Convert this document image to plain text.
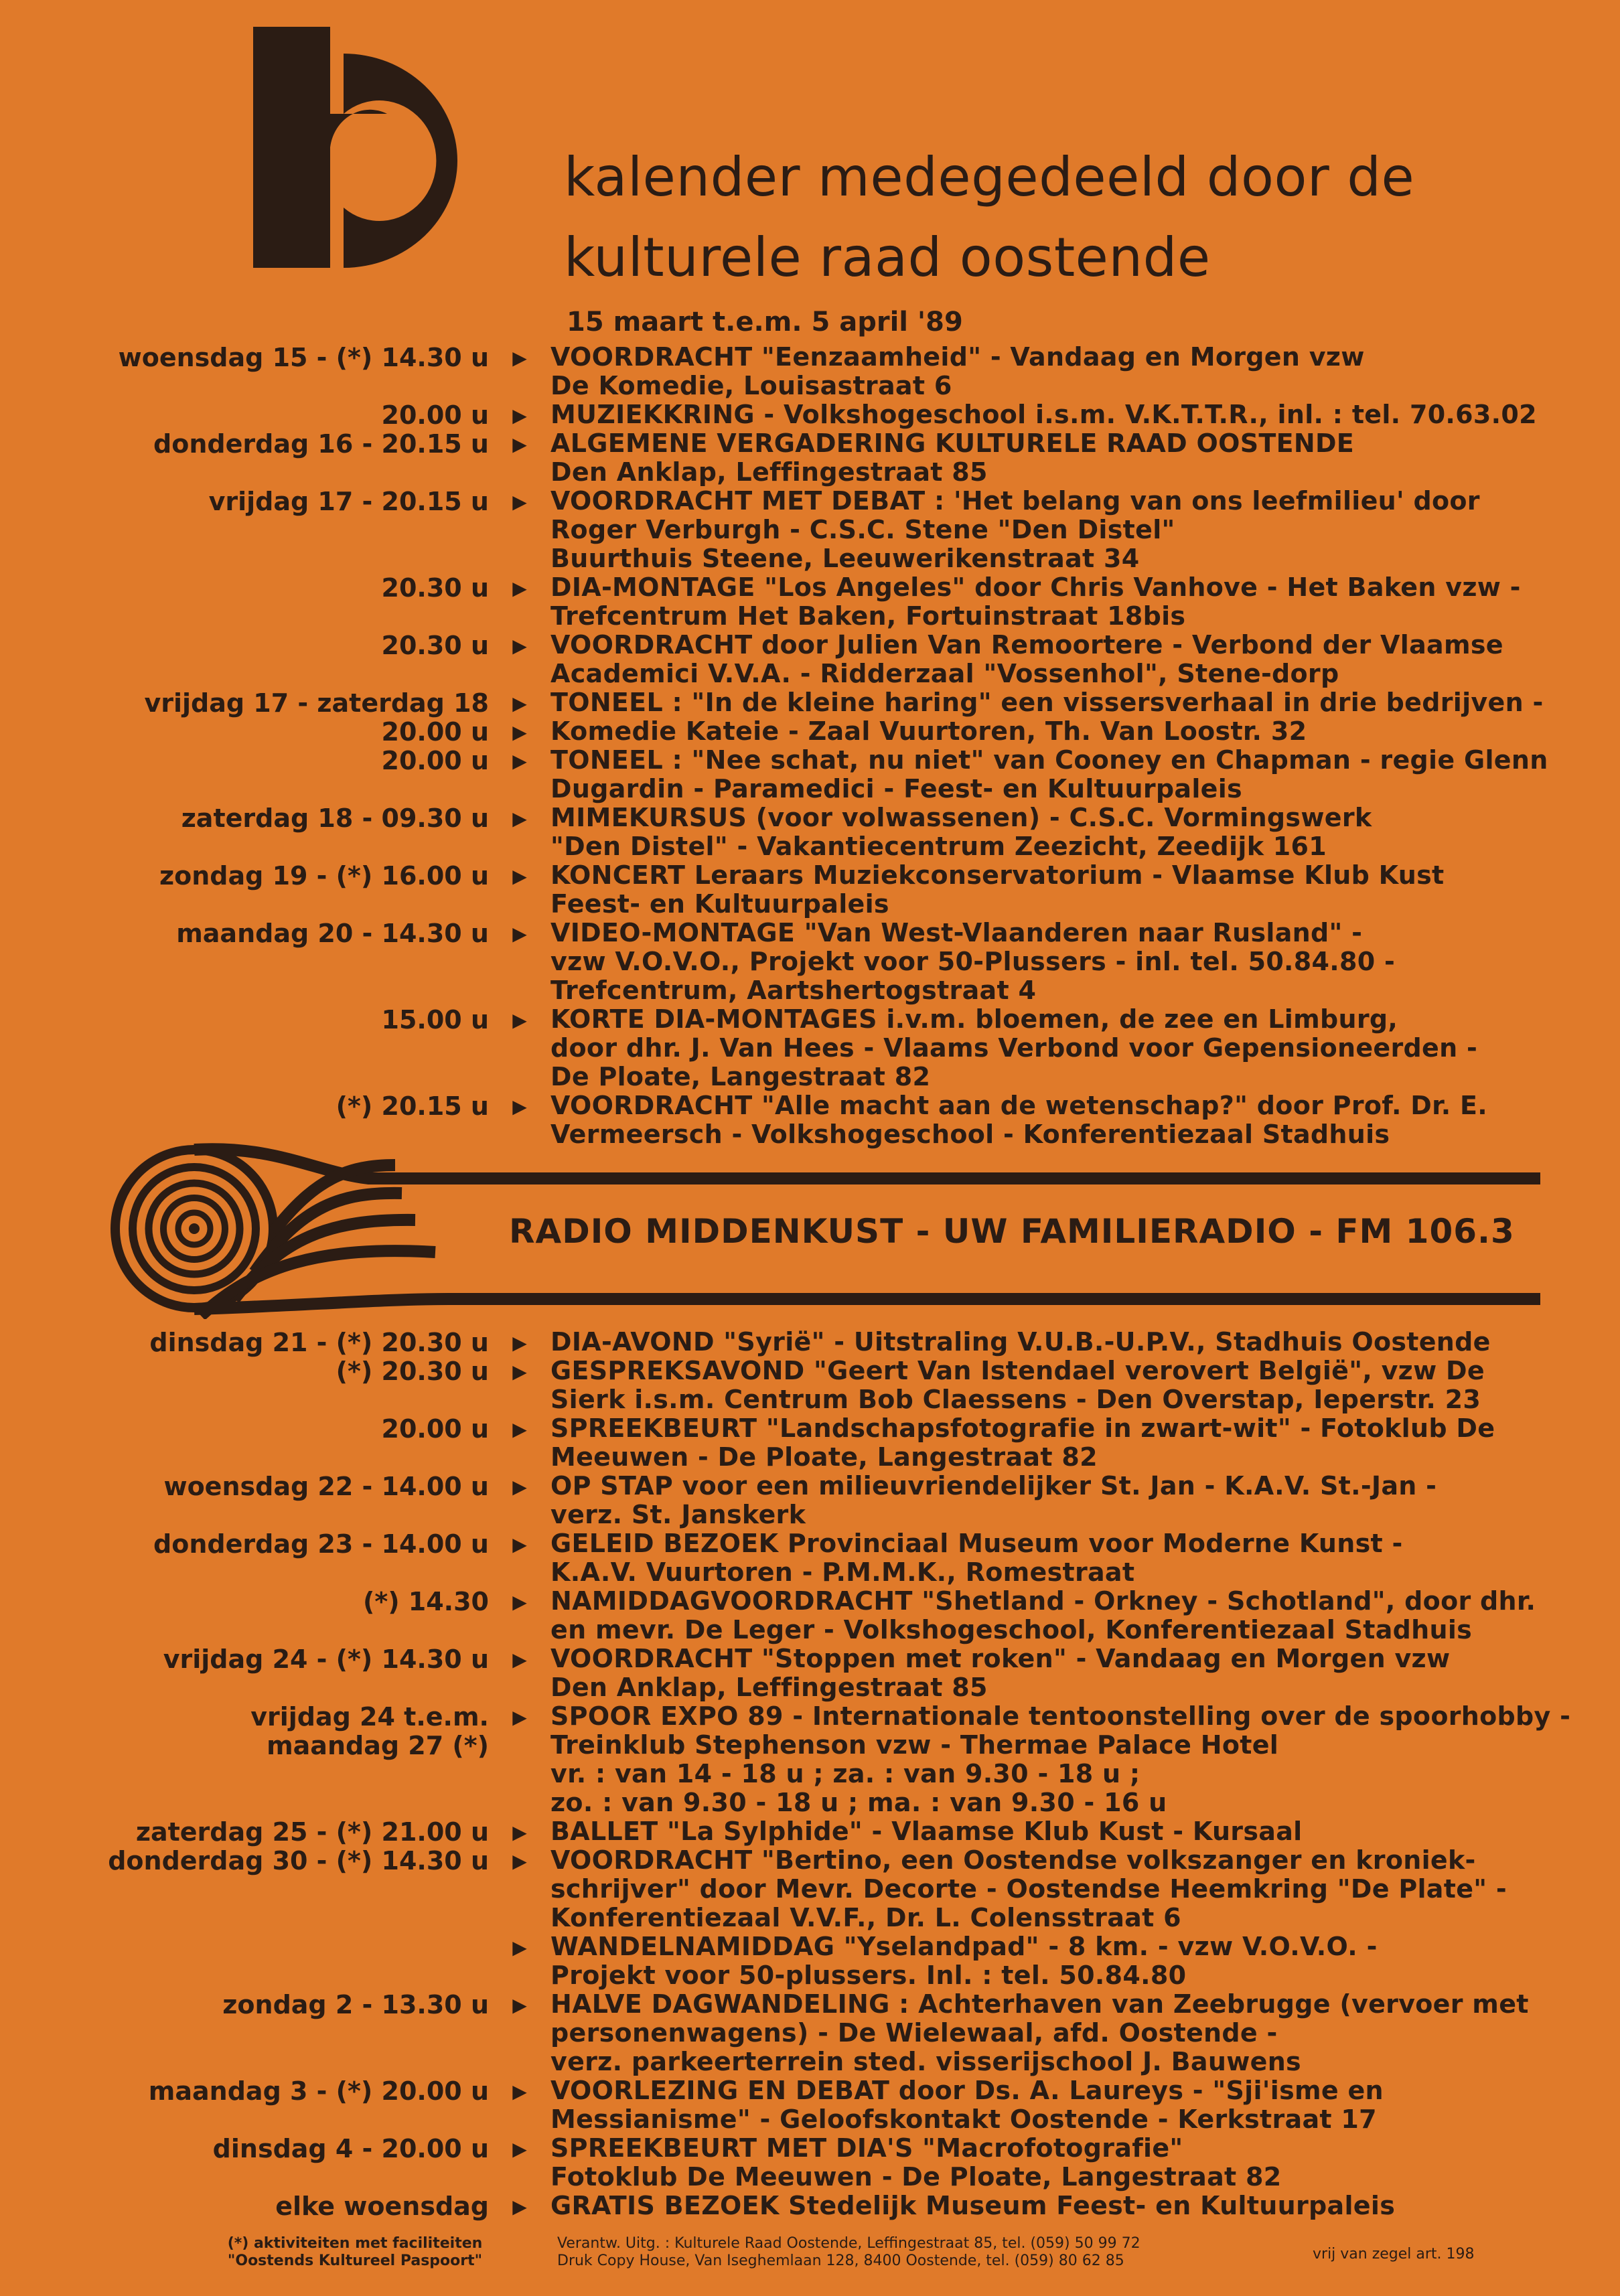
kalender medegedeeld door de
kulturele raad oostende
15 maart t.e.m. 5 april '89
woensdag 15 - (*) 14.30 u ▶ VOORDRACHT "Eenzaamheid" - Vandaag en Morgen vzw
De Komedie, Louisastraat 6
20.00 u
donderdag 16 - 20.15 u
▶
▶
MUZIEKKRING - Volkshogeschool i.s.m. V.K.T.T.R., inl. : tel. 70.63.02
ALGEMENE VERGADERING KULTURELE RAAD OOSTENDE
Den Anklap, Leffingestraat 85
vrijdag 17 - 20.15 u ▶ VOORDRACHT MET DEBAT : 'Het belang van ons leefmilieu' door
Roger Verburgh - C.S.C. Stene "Den Distel"
Buurthuis Steene, Leeuwerikenstraat 34
20.30 u ▶ DIA-MONTAGE "Los Angeles" door Chris Vanhove - Het Baken vzw -
Trefcentrum Het Baken, Fortuinstraat 18bis
20.30 u ▶ VOORDRACHT door Julien Van Remoortere - Verbond der Vlaamse
Academici V.V.A. - Ridderzaal "Vossenhol", Stene-dorp
vrijdag 17 - zaterdag 18
20.00 u
20.00 u
▶
▶
▶
TONEEL : "In de kleine haring" een vissersverhaal in drie bedrijven -
Komedie Kateie - Zaal Vuurtoren, Th. Van Loostr. 32
TONEEL : "Nee schat, nu niet" van Cooney en Chapman - regie Glenn
Dugardin - Paramedici - Feest- en Kultuurpaleis
zaterdag 18 - 09.30 u ▶ MIMEKURSUS (voor volwassenen) - C.S.C. Vormingswerk
"Den Distel" - Vakantiecentrum Zeezicht, Zeedijk 161
zondag 19 - (*) 16.00 u ▶ KONCERT Leraars Muziekconservatorium - Vlaamse Klub Kust
Feest- en Kultuurpaleis
maandag 20 - 14.30 u ▶ VIDEO-MONTAGE "Van West-Vlaanderen naar Rusland" -
vzw V.O.V.O., Projekt voor 50-Plussers - inl. tel. 50.84.80 -
Trefcentrum, Aartshertogstraat 4
15.00 u ▶ KORTE DIA-MONTAGES i.v.m. bloemen, de zee en Limburg,
door dhr. J. Van Hees - Vlaams Verbond voor Gepensioneerden -
De Ploate, Langestraat 82
(*) 20.15 u ▶ VOORDRACHT "Alle macht aan de wetenschap?" door Prof. Dr. E.
Vermeersch - Volkshogeschool - Konferentiezaal Stadhuis
RADIO MIDDENKUST - UW FAMILIERADIO - FM 106.3
dinsdag 21 - (*) 20.30 u
(*) 20.30 u
▶
▶
DIA-AVOND "Syrië" - Uitstraling V.U.B.-U.P.V., Stadhuis Oostende
GESPREKSAVOND "Geert Van Istendael verovert België", vzw De
Sierk i.s.m. Centrum Bob Claessens - Den Overstap, Ieperstr. 23
20.00 u ▶ SPREEKBEURT "Landschapsfotografie in zwart-wit" - Fotoklub De
Meeuwen - De Ploate, Langestraat 82
woensdag 22 - 14.00 u ▶ OP STAP voor een milieuvriendelijker St. Jan - K.A.V. St.-Jan -
verz. St. Janskerk
donderdag 23 - 14.00 u ▶ GELEID BEZOEK Provinciaal Museum voor Moderne Kunst -
K.A.V. Vuurtoren - P.M.M.K., Romestraat
(*) 14.30 ▶ NAMIDDAGVOORDRACHT "Shetland - Orkney - Schotland", door dhr.
en mevr. De Leger - Volkshogeschool, Konferentiezaal Stadhuis
vrijdag 24 - (*) 14.30 u ▶ VOORDRACHT "Stoppen met roken" - Vandaag en Morgen vzw
Den Anklap, Leffingestraat 85
vrijdag 24 t.e.m.
maandag 27 (*)
▶ SPOOR EXPO 89 - Internationale tentoonstelling over de spoorhobby -
Treinklub Stephenson vzw - Thermae Palace Hotel
vr. : van 14 - 18 u ; za. : van 9.30 - 18 u ;
zo. : van 9.30 - 18 u ; ma. : van 9.30 - 16 u
zaterdag 25 - (*) 21.00 u
donderdag 30 - (*) 14.30 u
▶
▶
BALLET "La Sylphide" - Vlaamse Klub Kust - Kursaal
VOORDRACHT "Bertino, een Oostendse volkszanger en kroniek-
schrijver" door Mevr. Decorte - Oostendse Heemkring "De Plate" -
Konferentiezaal V.V.F., Dr. L. Colensstraat 6
▶ WANDELNAMIDDAG "Yselandpad" - 8 km. - vzw V.O.V.O. -
Projekt voor 50-plussers. Inl. : tel. 50.84.80
zondag 2 - 13.30 u ▶ HALVE DAGWANDELING : Achterhaven van Zeebrugge (vervoer met
personenwagens) - De Wielewaal, afd. Oostende -
verz. parkeerterrein sted. visserijschool J. Bauwens
maandag 3 - (*) 20.00 u ▶ VOORLEZING EN DEBAT door Ds. A. Laureys - "Sji'isme en
Messianisme" - Geloofskontakt Oostende - Kerkstraat 17
dinsdag 4 - 20.00 u ▶ SPREEKBEURT MET DIA'S "Macrofotografie"
Fotoklub De Meeuwen - De Ploate, Langestraat 82
elke woensdag ▶ GRATIS BEZOEK Stedelijk Museum Feest- en Kultuurpaleis
(*) aktiviteiten met faciliteiten
"Oostends Kultureel Paspoort"
Verantw. Uitg. : Kulturele Raad Oostende, Leffingestraat 85, tel. (059) 50 99 72
Druk Copy House, Van Iseghemlaan 128, 8400 Oostende, tel. (059) 80 62 85	vrij van zegel art. 198
